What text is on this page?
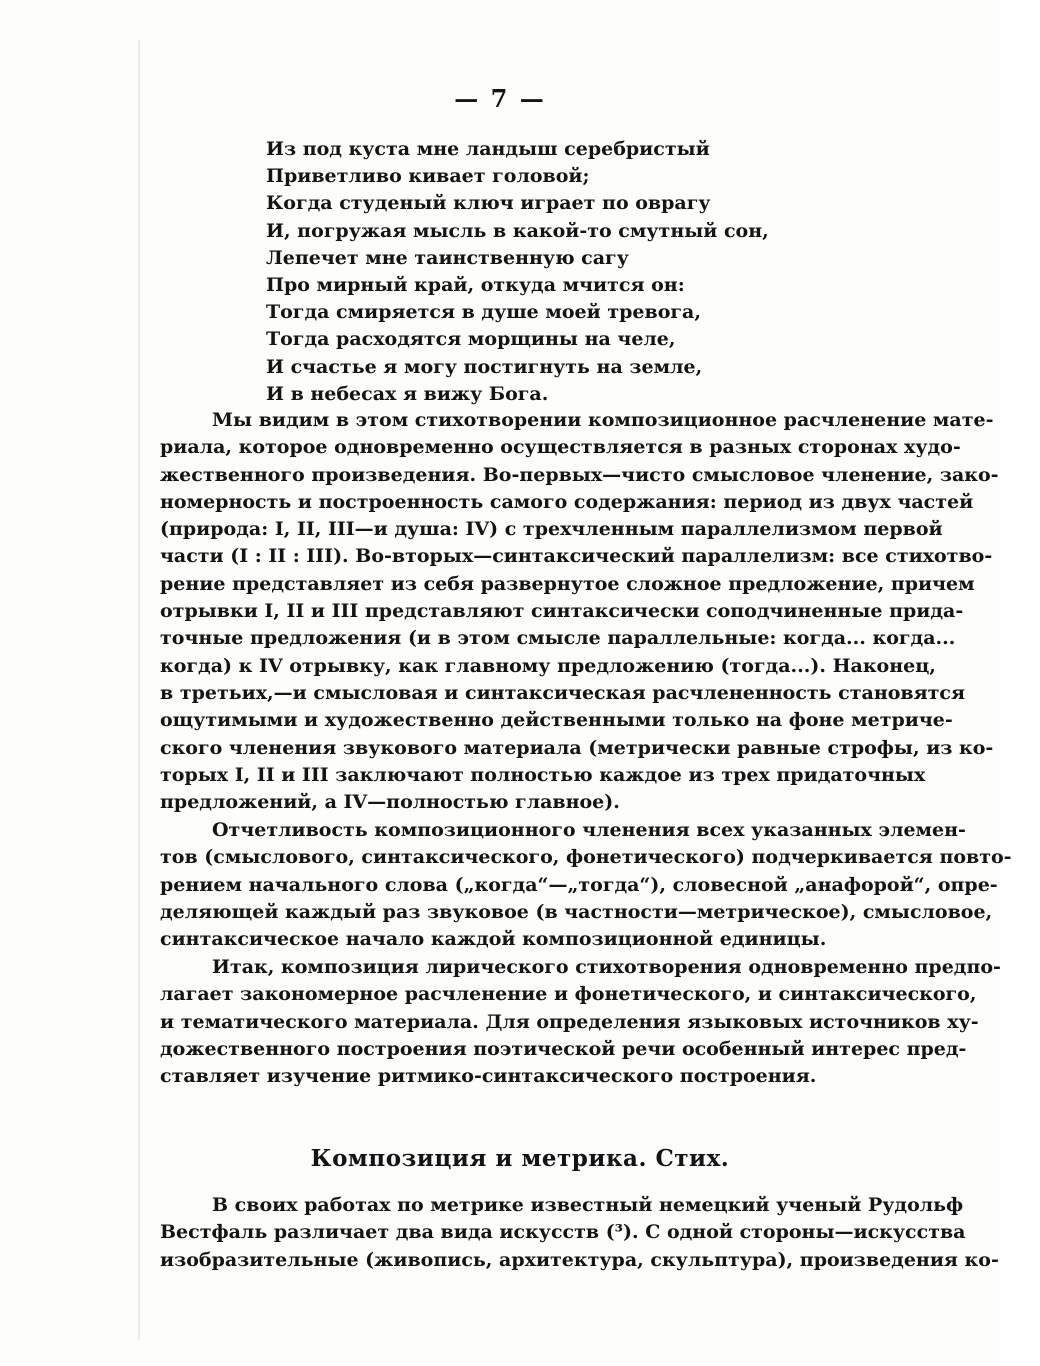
— 7 —
Из под куста мне ландыш серебристый
Приветливо кивает головой;
Когда студеный ключ играет по оврагу
И, погружая мысль в какой-то смутный сон,
Лепечет мне таинственную сагу
Про мирный край, откуда мчится он:
Тогда смиряется в душе моей тревога,
Тогда расходятся морщины на челе,
И счастье я могу постигнуть на земле,
И в небесах я вижу Бога.
Мы видим в этом стихотворении композиционное расчленение мате-
риала, которое одновременно осуществляется в разных сторонах худо-
жественного произведения. Во-первых—чисто смысловое членение, зако-
номерность и построенность самого содержания: период из двух частей
(природа: I, II, III—и душа: IV) с трехчленным параллелизмом первой
части (I : II : III). Во-вторых—синтаксический параллелизм: все стихотво-
рение представляет из себя развернутое сложное предложение, причем
отрывки I, II и III представляют синтаксически соподчиненные прида-
точные предложения (и в этом смысле параллельные: когда... когда...
когда) к IV отрывку, как главному предложению (тогда...). Наконец,
в третьих,—и смысловая и синтаксическая расчлененность становятся
ощутимыми и художественно действенными только на фоне метриче-
ского членения звукового материала (метрически равные строфы, из ко-
торых I, II и III заключают полностью каждое из трех придаточных
предложений, а IV—полностью главное).
Отчетливость композиционного членения всех указанных элемен-
тов (смыслового, синтаксического, фонетического) подчеркивается повто-
рением начального слова („когда“—„тогда“), словесной „анафорой“, опре-
деляющей каждый раз звуковое (в частности—метрическое), смысловое,
синтаксическое начало каждой композиционной единицы.
Итак, композиция лирического стихотворения одновременно предпо-
лагает закономерное расчленение и фонетического, и синтаксического,
и тематического материала. Для определения языковых источников ху-
дожественного построения поэтической речи особенный интерес пред-
ставляет изучение ритмико-синтаксического построения.
Композиция и метрика. Стих.
В своих работах по метрике известный немецкий ученый Рудольф
Вестфаль различает два вида искусств (³). С одной стороны—искусства
изобразительные (живопись, архитектура, скульптура), произведения ко-
